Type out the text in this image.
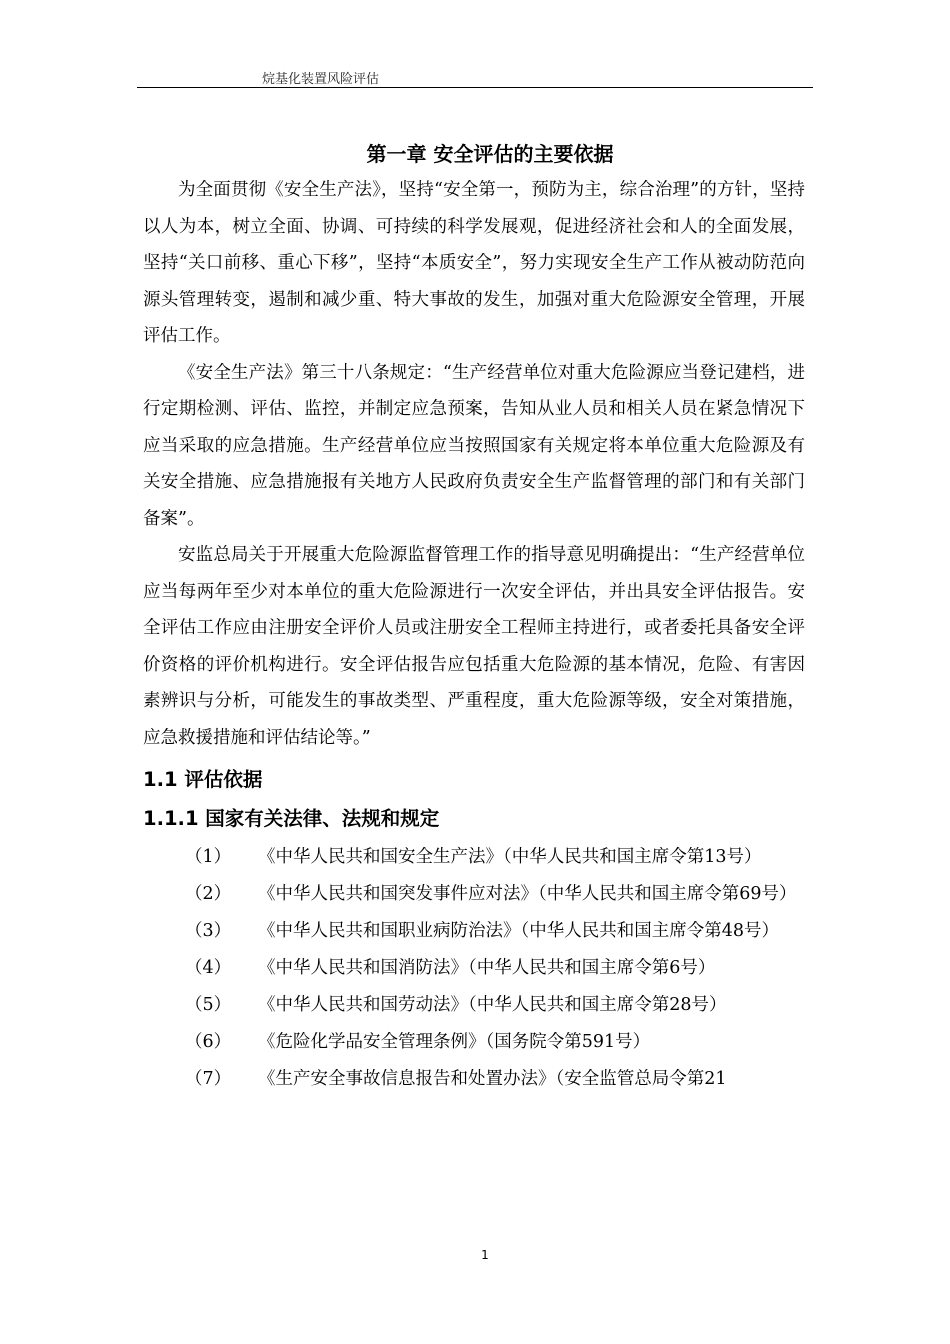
烷基化装置风险评估
第一章 安全评估的主要依据

为全面贯彻《安全生产法》，坚持“安全第一，预防为主，综合治理”的方针，坚持以人为本，树立全面、协调、可持续的科学发展观，促进经济社会和人的全面发展，坚持“关口前移、重心下移”，坚持“本质安全”，努力实现安全生产工作从被动防范向源头管理转变，遏制和减少重、特大事故的发生，加强对重大危险源安全管理，开展评估工作。

《安全生产法》第三十八条规定：“生产经营单位对重大危险源应当登记建档，进行定期检测、评估、监控，并制定应急预案，告知从业人员和相关人员在紧急情况下应当采取的应急措施。生产经营单位应当按照国家有关规定将本单位重大危险源及有关安全措施、应急措施报有关地方人民政府负责安全生产监督管理的部门和有关部门备案”。

安监总局关于开展重大危险源监督管理工作的指导意见明确提出：“生产经营单位应当每两年至少对本单位的重大危险源进行一次安全评估，并出具安全评估报告。安全评估工作应由注册安全评价人员或注册安全工程师主持进行，或者委托具备安全评价资格的评价机构进行。安全评估报告应包括重大危险源的基本情况，危险、有害因素辨识与分析，可能发生的事故类型、严重程度，重大危险源等级，安全对策措施，应急救援措施和评估结论等。”

1.1 评估依据
1.1.1 国家有关法律、法规和规定

（1） 《中华人民共和国安全生产法》（中华人民共和国主席令第13号）

（2） 《中华人民共和国突发事件应对法》（中华人民共和国主席令第69号）

（3） 《中华人民共和国职业病防治法》（中华人民共和国主席令第48号）

（4） 《中华人民共和国消防法》（中华人民共和国主席令第6号）

（5） 《中华人民共和国劳动法》（中华人民共和国主席令第28号）

（6） 《危险化学品安全管理条例》（国务院令第591号）

（7） 《生产安全事故信息报告和处置办法》（安全监管总局令第21

1
